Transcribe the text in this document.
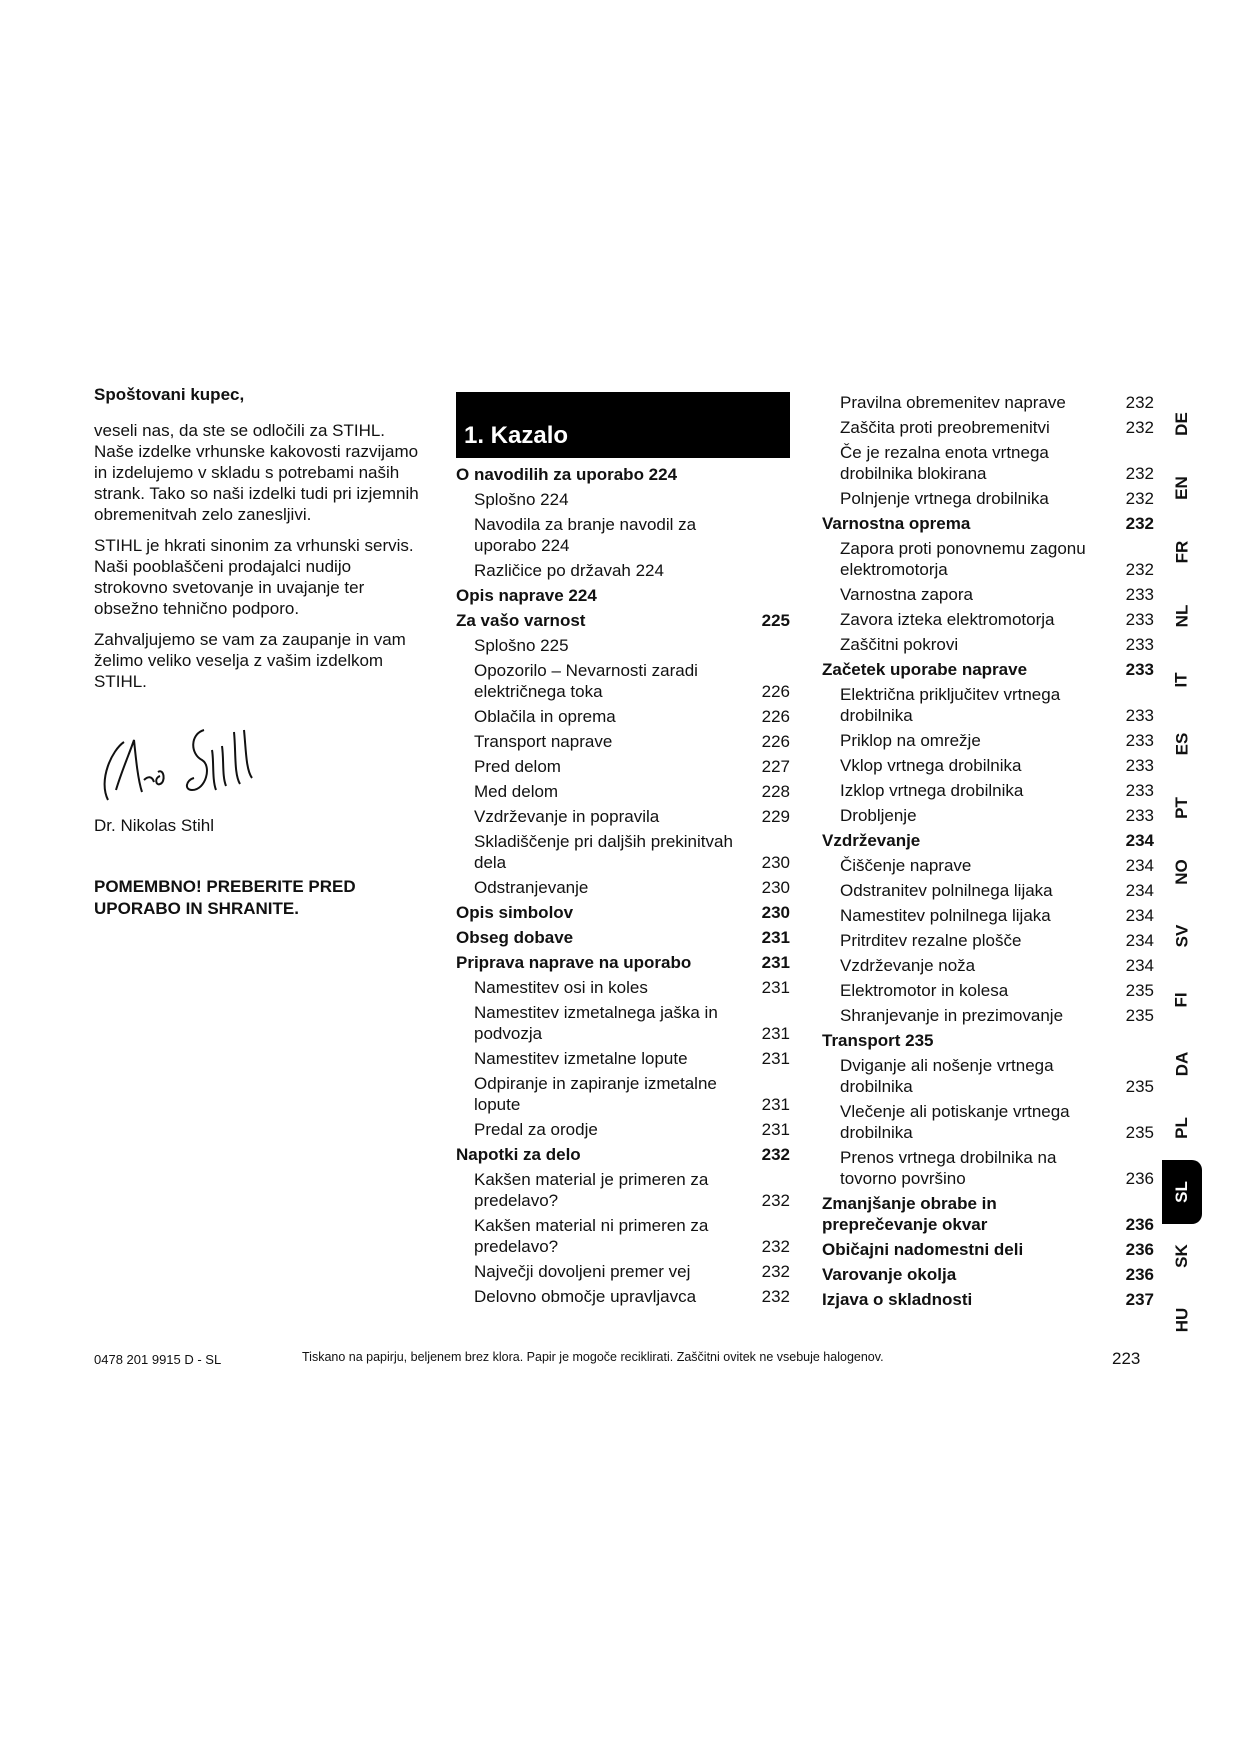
Spoštovani kupec,

veseli nas, da ste se odločili za STIHL. Naše izdelke vrhunske kakovosti razvijamo in izdelujemo v skladu s potrebami naših strank. Tako so naši izdelki tudi pri izjemnih obremenitvah zelo zanesljivi.

STIHL je hkrati sinonim za vrhunski servis. Naši pooblaščeni prodajalci nudijo strokovno svetovanje in uvajanje ter obsežno tehnično podporo.

Zahvaljujemo se vam za zaupanje in vam želimo veliko veselja z vašim izdelkom STIHL.

Dr. Nikolas Stihl
POMEMBNO! PREBERITE PRED UPORABO IN SHRANITE.
1. Kazalo
O navodilih za uporabo 224
Splošno 224
Navodila za branje navodil za uporabo 224
Različice po državah 224
Opis naprave 224
Za vašo varnost	225
Splošno 225
Opozorilo – Nevarnosti zaradi električnega toka	226
Oblačila in oprema	226
Transport naprave	226
Pred delom	227
Med delom	228
Vzdrževanje in popravila	229
Skladiščenje pri daljših prekinitvah dela	230
Odstranjevanje	230
Opis simbolov	230
Obseg dobave	231
Priprava naprave na uporabo	231
Namestitev osi in koles	231
Namestitev izmetalnega jaška in podvozja	231
Namestitev izmetalne lopute	231
Odpiranje in zapiranje izmetalne lopute	231
Predal za orodje	231
Napotki za delo	232
Kakšen material je primeren za predelavo?	232
Kakšen material ni primeren za predelavo?	232
Največji dovoljeni premer vej	232
Delovno območje upravljavca	232
Pravilna obremenitev naprave	232
Zaščita proti preobremenitvi	232
Če je rezalna enota vrtnega drobilnika blokirana	232
Polnjenje vrtnega drobilnika	232
Varnostna oprema	232
Zapora proti ponovnemu zagonu elektromotorja	232
Varnostna zapora	233
Zavora izteka elektromotorja	233
Zaščitni pokrovi	233
Začetek uporabe naprave	233
Električna priključitev vrtnega drobilnika	233
Priklop na omrežje	233
Vklop vrtnega drobilnika	233
Izklop vrtnega drobilnika	233
Drobljenje	233
Vzdrževanje	234
Čiščenje naprave	234
Odstranitev polnilnega lijaka	234
Namestitev polnilnega lijaka	234
Pritrditev rezalne plošče	234
Vzdrževanje noža	234
Elektromotor in kolesa	235
Shranjevanje in prezimovanje	235
Transport 235
Dviganje ali nošenje vrtnega drobilnika	235
Vlečenje ali potiskanje vrtnega drobilnika	235
Prenos vrtnega drobilnika na tovorno površino	236
Zmanjšanje obrabe in preprečevanje okvar	236
Običajni nadomestni deli	236
Varovanje okolja	236
Izjava o skladnosti	237
DE
EN
FR
NL
IT
ES
PT
NO
SV
FI
DA
PL
SL
SK
HU
0478 201 9915 D - SL	Tiskano na papirju, beljenem brez klora. Papir je mogoče reciklirati. Zaščitni ovitek ne vsebuje halogenov.	223
